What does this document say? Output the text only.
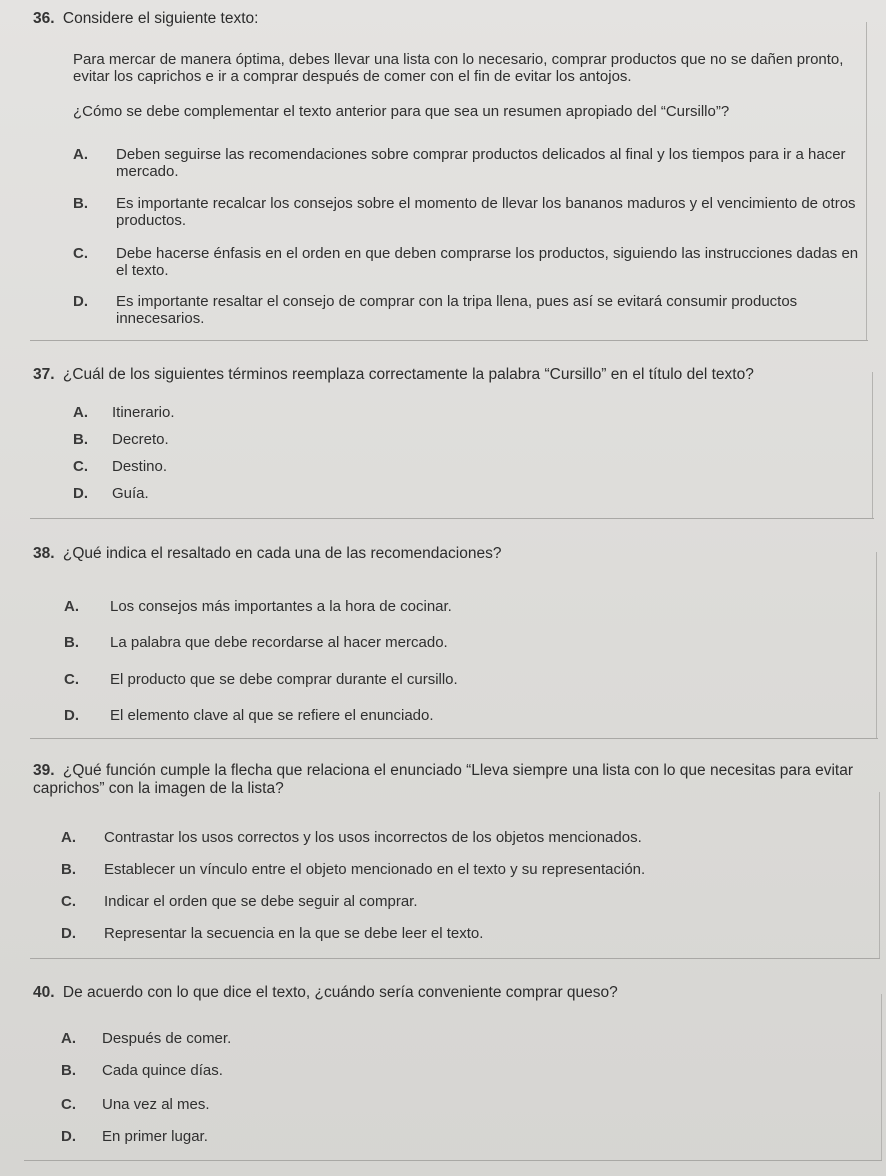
36. Considere el siguiente texto:
Para mercar de manera óptima, debes llevar una lista con lo necesario, comprar productos que no se dañen pronto, evitar los caprichos e ir a comprar después de comer con el fin de evitar los antojos.
¿Cómo se debe complementar el texto anterior para que sea un resumen apropiado del “Cursillo”?
A. Deben seguirse las recomendaciones sobre comprar productos delicados al final y los tiempos para ir a hacer mercado.
B. Es importante recalcar los consejos sobre el momento de llevar los bananos maduros y el vencimiento de otros productos.
C. Debe hacerse énfasis en el orden en que deben comprarse los productos, siguiendo las instrucciones dadas en el texto.
D. Es importante resaltar el consejo de comprar con la tripa llena, pues así se evitará consumir productos innecesarios.
37. ¿Cuál de los siguientes términos reemplaza correctamente la palabra “Cursillo” en el título del texto?
A. Itinerario.
B. Decreto.
C. Destino.
D. Guía.
38. ¿Qué indica el resaltado en cada una de las recomendaciones?
A. Los consejos más importantes a la hora de cocinar.
B. La palabra que debe recordarse al hacer mercado.
C. El producto que se debe comprar durante el cursillo.
D. El elemento clave al que se refiere el enunciado.
39. ¿Qué función cumple la flecha que relaciona el enunciado “Lleva siempre una lista con lo que necesitas para evitar caprichos” con la imagen de la lista?
A. Contrastar los usos correctos y los usos incorrectos de los objetos mencionados.
B. Establecer un vínculo entre el objeto mencionado en el texto y su representación.
C. Indicar el orden que se debe seguir al comprar.
D. Representar la secuencia en la que se debe leer el texto.
40. De acuerdo con lo que dice el texto, ¿cuándo sería conveniente comprar queso?
A. Después de comer.
B. Cada quince días.
C. Una vez al mes.
D. En primer lugar.
